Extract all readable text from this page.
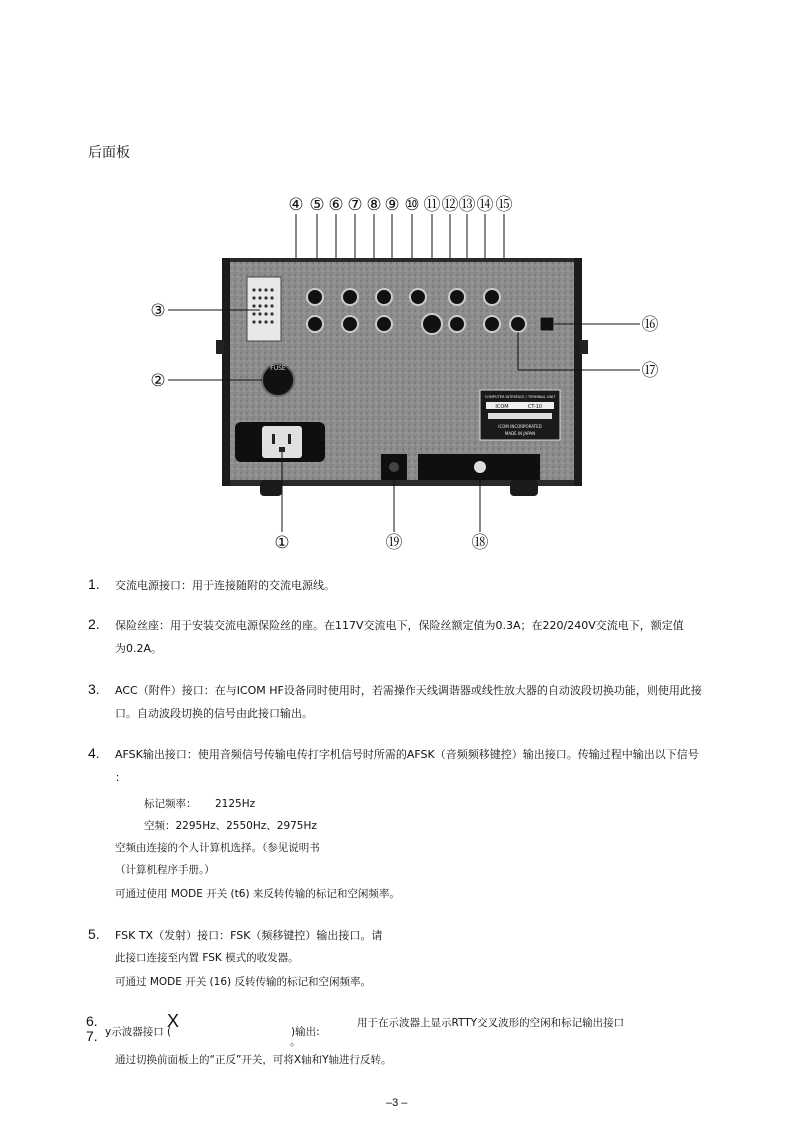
后面板
④ ⑤ ⑥ ⑦ ⑧ ⑨ ⑩ ⑪ ⑫ ⑬ ⑭ ⑮
FUSE
COMPUTER INTERFACE / TERMINAL UNIT
ICOM	CT-10
ICOM INCORPORATED
MADE IN JAPAN
③
②
⑯
⑰
①	⑲	⑱
1. 交流电源接口：用于连接随附的交流电源线。
2. 保险丝座：用于安装交流电源保险丝的座。在117V交流电下，保险丝额定值为0.3A；在220/240V交流电下，额定值
为0.2A。
3. ACC（附件）接口：在与ICOM HF设备同时使用时，若需操作天线调谐器或线性放大器的自动波段切换功能，则使用此接
口。自动波段切换的信号由此接口输出。
4. AFSK输出接口：使用音频信号传输电传打字机信号时所需的AFSK（音频频移键控）输出接口。传输过程中输出以下信号
：
标记频率： 2125Hz
空频：2295Hz、2550Hz、2975Hz
空频由连接的个人计算机选择。（参见说明书
（计算机程序手册。）
可通过使用 MODE 开关 (t6) 来反转传输的标记和空闲频率。
5. FSK TX（发射）接口：FSK（频移键控）输出接口。请
此接口连接至内置 FSK 模式的收发器。
可通过 MODE 开关 (16) 反转传输的标记和空闲频率。
6.
7. y示波器接口 (
X
)输出:
。
用于在示波器上显示RTTY交叉波形的空闲和标记输出接口
通过切换前面板上的“正反”开关，可将X轴和Y轴进行反转。
–3 –
